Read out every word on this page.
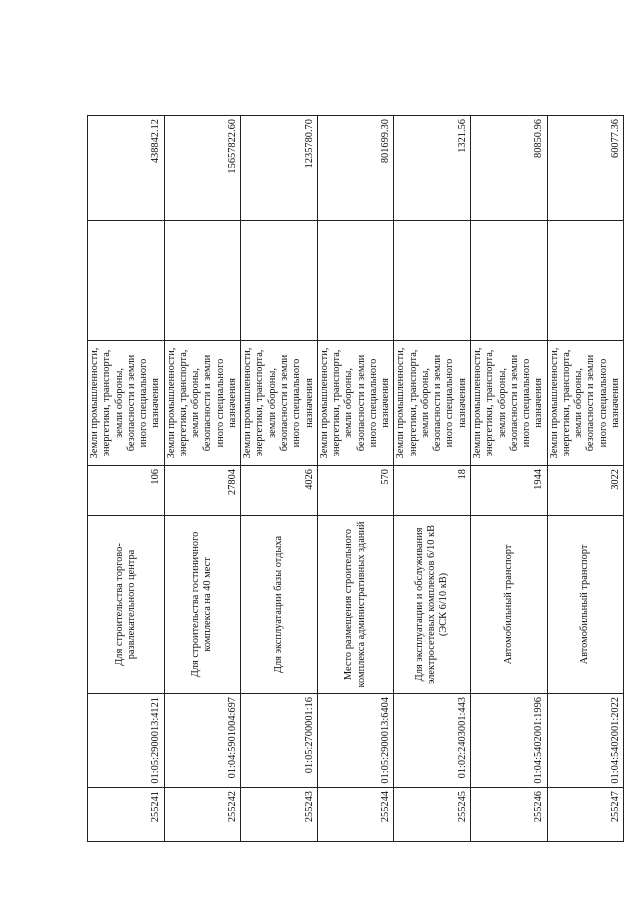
255241	01:05:2900013:4121	Для строительства торгово-развлекательного центра	106	Земли промышленности, энергетики, транспорта, земли обороны, безопасности и земли иного специального назначения		438842.12
255242	01:04:5901004:697	Для строительства гостиничного комплекса на 40 мест	27804	Земли промышленности, энергетики, транспорта, земли обороны, безопасности и земли иного специального назначения		15657822.60
255243	01:05:2700001:16	Для эксплуатации базы отдыха	4026	Земли промышленности, энергетики, транспорта, земли обороны, безопасности и земли иного специального назначения		1235780.70
255244	01:05:2900013:6404	Место размещения строительного комплекса административных зданий	570	Земли промышленности, энергетики, транспорта, земли обороны, безопасности и земли иного специального назначения		801699.30
255245	01:02:2403001:443	Для эксплуатации и обслуживания электросетевых комплексов 6/10 кВ (ЭСК 6/10 кВ)	18	Земли промышленности, энергетики, транспорта, земли обороны, безопасности и земли иного специального назначения		1321.56
255246	01:04:5402001:1996	Автомобильный транспорт	1944	Земли промышленности, энергетики, транспорта, земли обороны, безопасности и земли иного специального назначения		80850.96
255247	01:04:5402001:2022	Автомобильный транспорт	3022	Земли промышленности, энергетики, транспорта, земли обороны, безопасности и земли иного специального назначения		60077.36
